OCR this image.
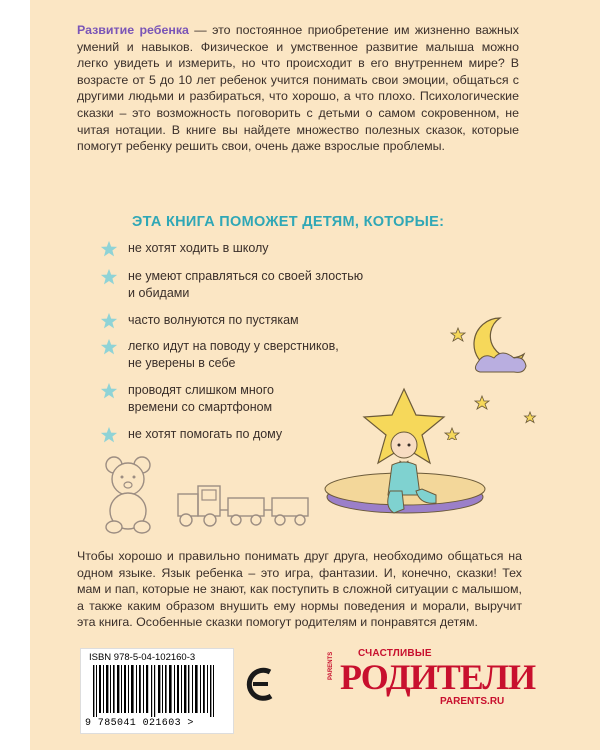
Развитие ребенка — это постоянное приобретение им жизненно важных умений и навыков. Физическое и умственное развитие малыша можно легко увидеть и измерить, но что происходит в его внутреннем мире? В возрасте от 5 до 10 лет ребенок учится понимать свои эмоции, общаться с другими людьми и разбираться, что хорошо, а что плохо. Психологические сказки – это возможность поговорить с детьми о самом сокровенном, не читая нотации. В книге вы найдете множество полезных сказок, которые помогут ребенку решить свои, очень даже взрослые проблемы.
ЭТА КНИГА ПОМОЖЕТ ДЕТЯМ, КОТОРЫЕ:
не хотят ходить в школу
не умеют справляться со своей злостью
и обидами
часто волнуются по пустякам
легко идут на поводу у сверстников,
не уверены в себе
проводят слишком много
времени со смартфоном
не хотят помогать по дому
Чтобы хорошо и правильно понимать друг друга, необходимо общаться на одном языке. Язык ребенка – это игра, фантазии. И, конечно, сказки! Тех мам и пап, которые не знают, как поступить в сложной ситуации с малышом, а также каким образом внушить ему нормы поведения и морали, выручит эта книга. Особенные сказки помогут родителям и понравятся детям.
ISBN 978-5-04-102160-3
9 785041 021603 >
PARENTS СЧАСТЛИВЫЕ
РОДИТЕЛИ
PARENTS.RU
